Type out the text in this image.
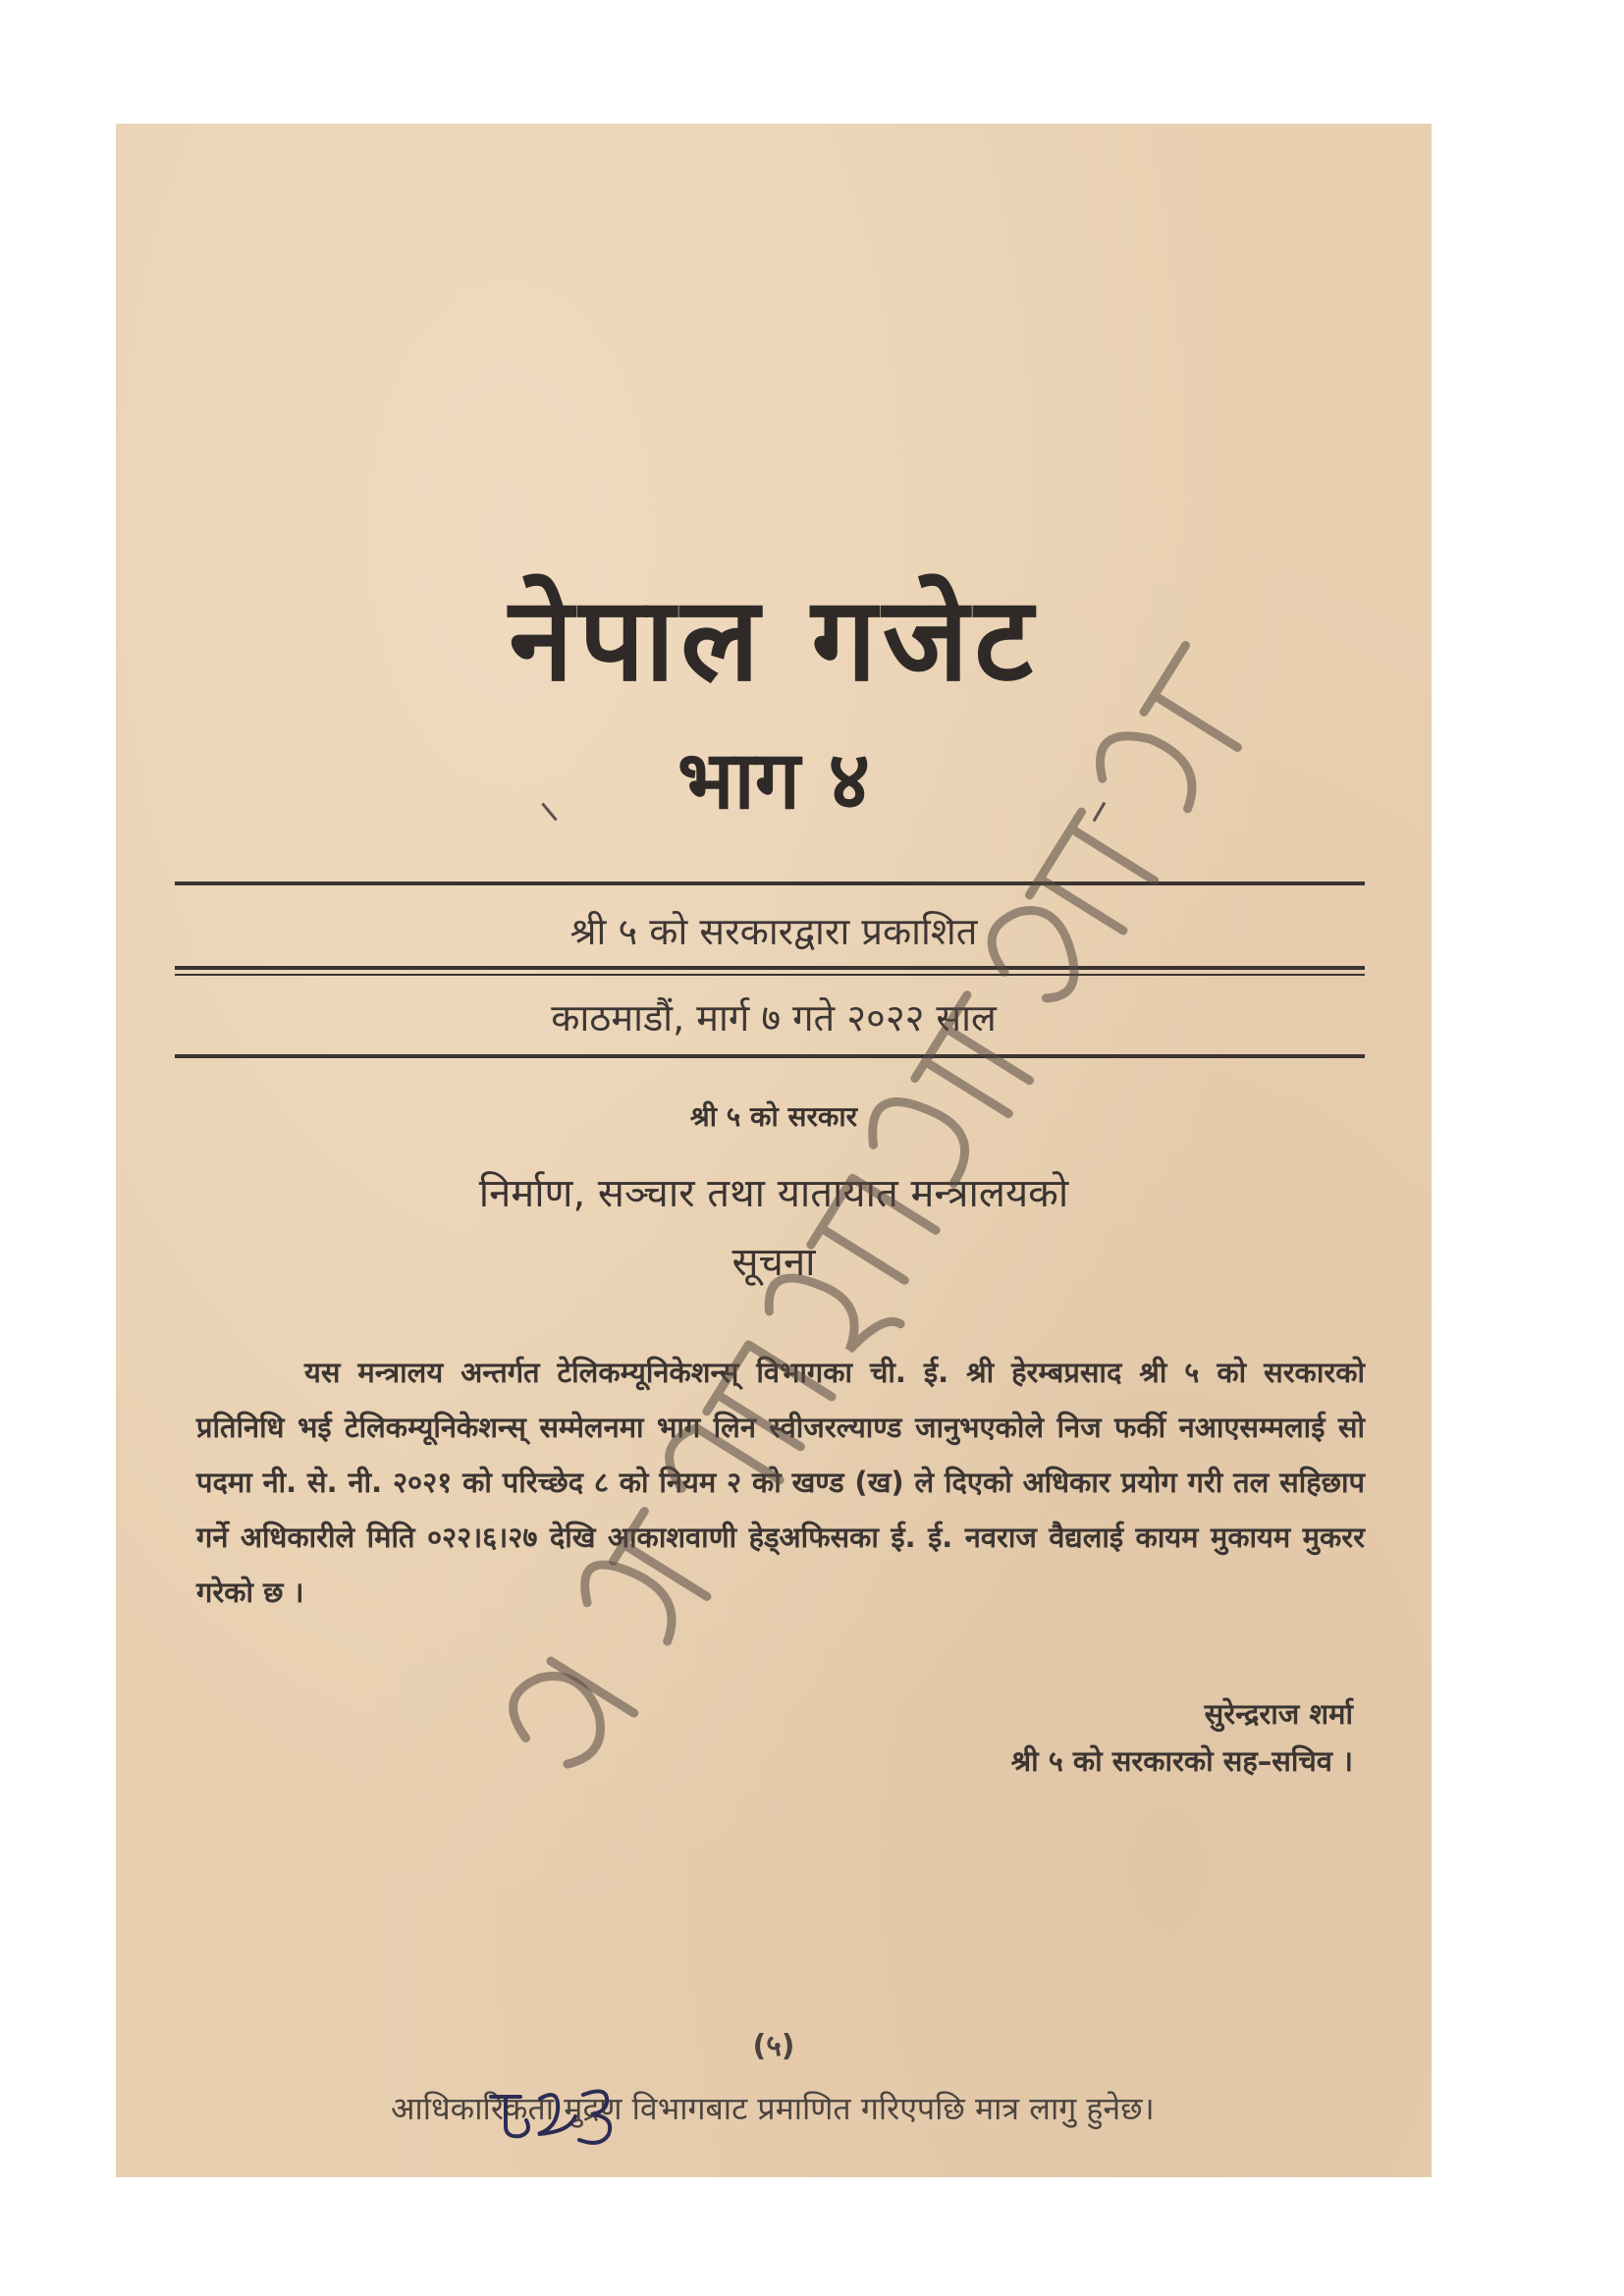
नेपाल गजेट
भाग ४
श्री ५ को सरकारद्वारा प्रकाशित
काठमाडौं, मार्ग ७ गते २०२२ साल
श्री ५ को सरकार
निर्माण, सञ्चार तथा यातायात मन्त्रालयको
सूचना
यस मन्त्रालय अन्तर्गत टेलिकम्यूनिकेशन्स् विभागका ची. ई. श्री हेरम्बप्रसाद श्री ५ को सरकारको प्रतिनिधि भई टेलिकम्यूनिकेशन्स् सम्मेलनमा भाग लिन स्वीजरल्याण्ड जानुभएकोले निज फर्की नआएसम्मलाई सो पदमा नी. से. नी. २०२१ को परिच्छेद ८ को नियम २ को खण्ड (ख) ले दिएको अधिकार प्रयोग गरी तल सहिछाप गर्ने अधिकारीले मिति ०२२।६।२७ देखि आकाशवाणी हेड्अफिसका ई. ई. नवराज वैद्यलाई कायम मुकायम मुकरर गरेको छ ।
सुरेन्द्रराज शर्मा
श्री ५ को सरकारको सह–सचिव ।
(५)
आधिकारिकता मुद्रण विभागबाट प्रमाणित गरिएपछि मात्र लागु हुनेछ।
